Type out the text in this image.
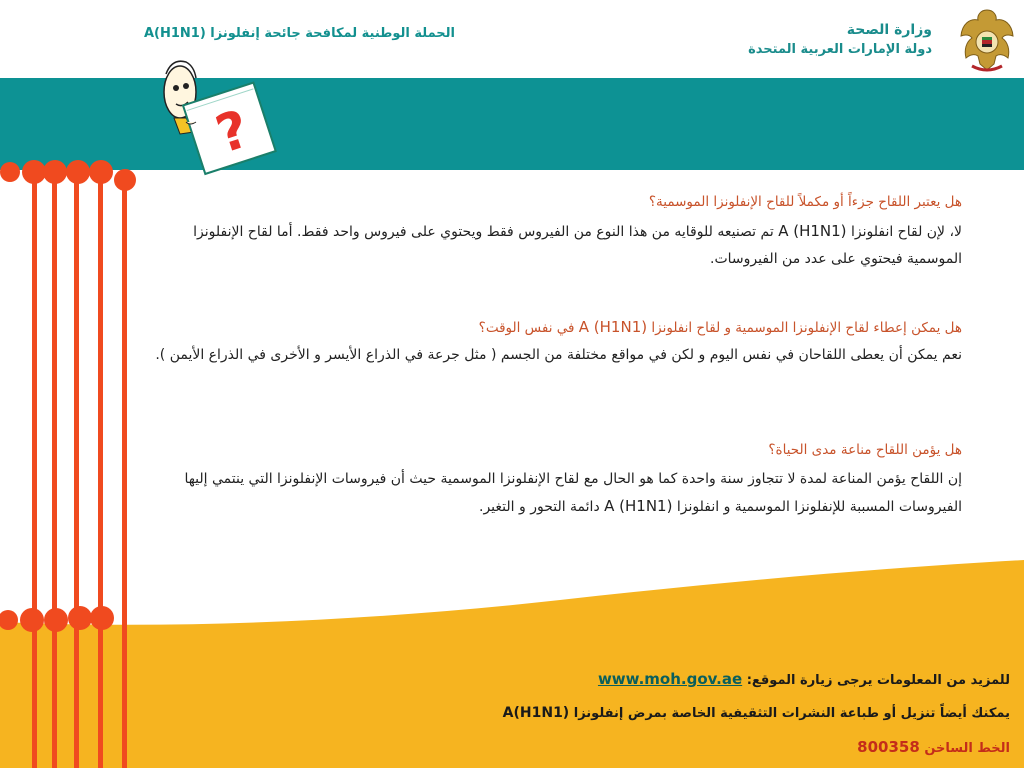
الحملة الوطنية لمكافحة جائحة إنفلونزا A(H1N1)	وزارة الصحة
دولة الإمارات العربية المتحدة
?
هل يعتبر اللقاح جزءاً أو مكملاً للقاح الإنفلونزا الموسمية؟
لا، لإن لقاح انفلونزا A (H1N1) تم تصنيعه للوقايه من هذا النوع من الفيروس فقط ويحتوي على فيروس واحد فقط. أما لقاح الإنفلونزا الموسمية فيحتوي على عدد من الفيروسات.
هل يمكن إعطاء لقاح الإنفلونزا الموسمية و لقاح انفلونزا A (H1N1) في نفس الوقت؟
نعم يمكن أن يعطى اللقاحان في نفس اليوم و لكن في مواقع مختلفة من الجسم ( مثل جرعة في الذراع الأيسر و الأخرى في الذراع الأيمن ).
هل يؤمن اللقاح مناعة مدى الحياة؟
إن اللقاح يؤمن المناعة لمدة لا تتجاوز سنة واحدة كما هو الحال مع لقاح الإنفلونزا الموسمية حيث أن فيروسات الإنفلونزا التي ينتمي إليها الفيروسات المسببة للإنفلونزا الموسمية و انفلونزا A (H1N1) دائمة التحور و التغير.
للمزيد من المعلومات يرجى زيارة الموقع: www.moh.gov.ae
يمكنك أيضاً تنزيل أو طباعة النشرات التثقيفية الخاصة بمرض إنفلونزا A(H1N1)
الخط الساخن 800358
